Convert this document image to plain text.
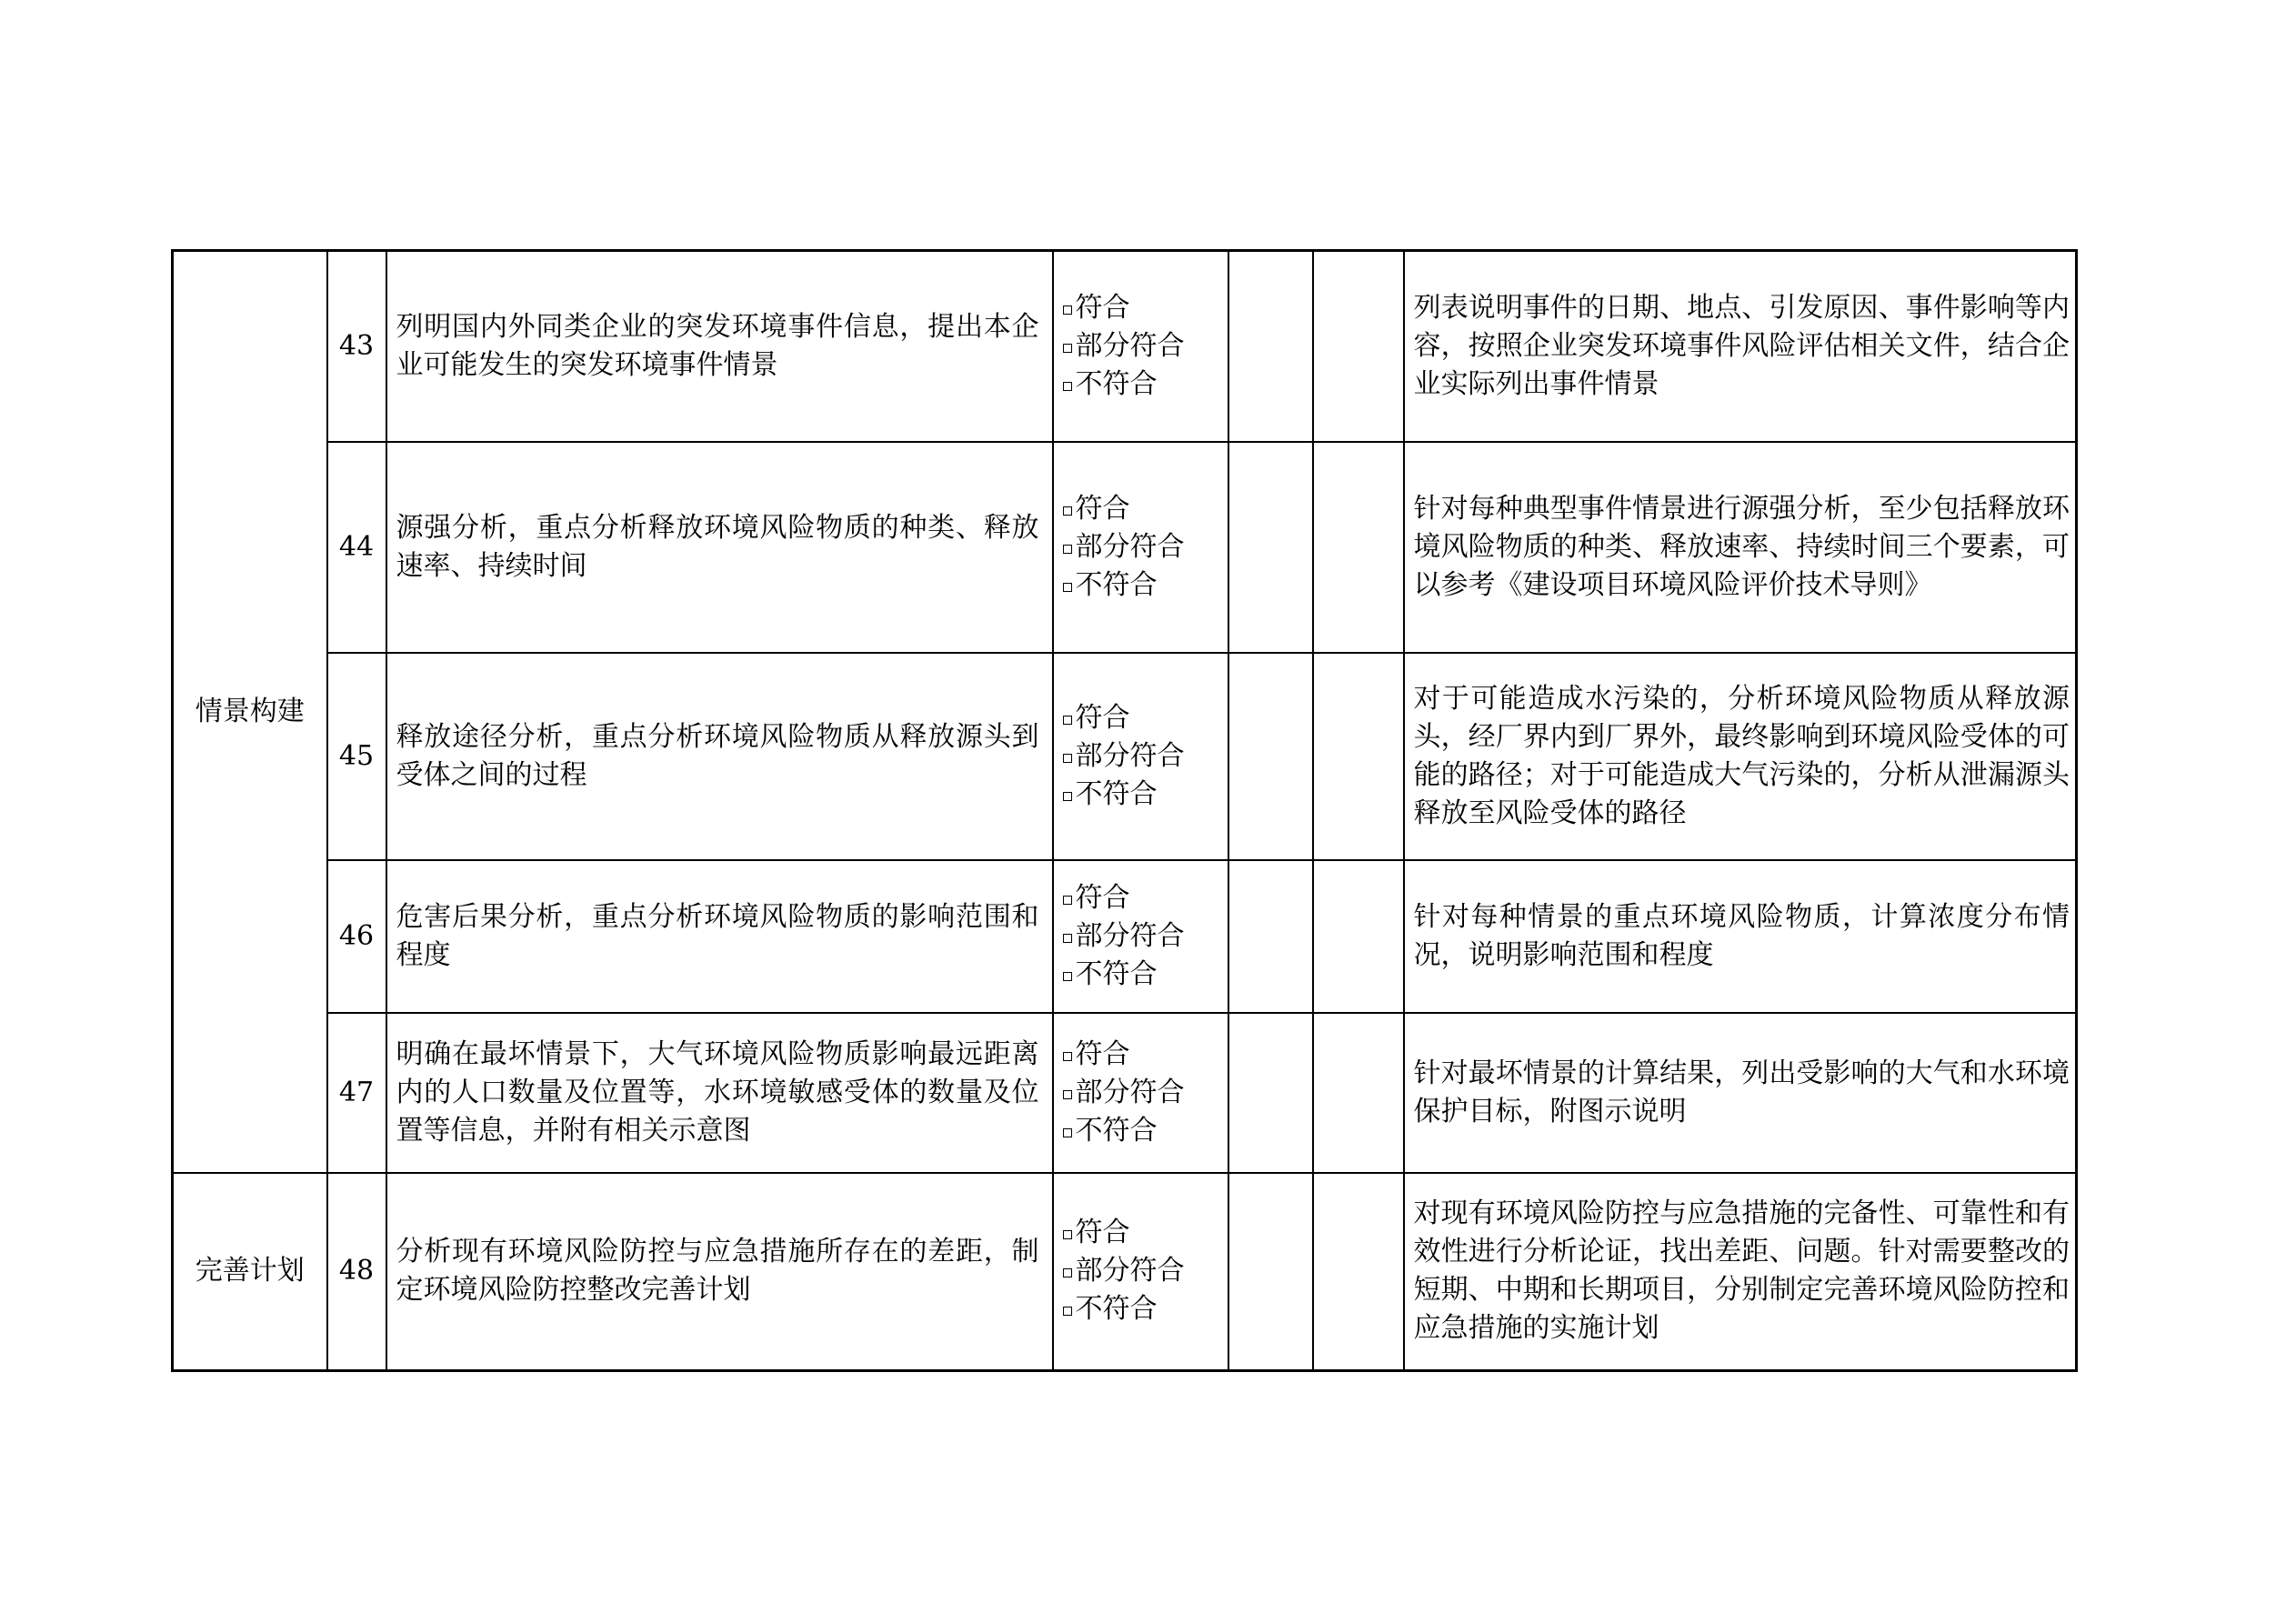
情景构建	43	列明国内外同类企业的突发环境事件信息，提出本企业可能发生的突发环境事件情景	符合
部分符合
不符合			列表说明事件的日期、地点、引发原因、事件影响等内容，按照企业突发环境事件风险评估相关文件，结合企业实际列出事件情景
	44	源强分析，重点分析释放环境风险物质的种类、释放速率、持续时间	符合
部分符合
不符合			针对每种典型事件情景进行源强分析，至少包括释放环境风险物质的种类、释放速率、持续时间三个要素，可以参考《建设项目环境风险评价技术导则》
	45	释放途径分析，重点分析环境风险物质从释放源头到受体之间的过程	符合
部分符合
不符合			对于可能造成水污染的，分析环境风险物质从释放源头，经厂界内到厂界外，最终影响到环境风险受体的可能的路径；对于可能造成大气污染的，分析从泄漏源头释放至风险受体的路径
	46	危害后果分析，重点分析环境风险物质的影响范围和程度	符合
部分符合
不符合			针对每种情景的重点环境风险物质，计算浓度分布情况，说明影响范围和程度
	47	明确在最坏情景下，大气环境风险物质影响最远距离内的人口数量及位置等，水环境敏感受体的数量及位置等信息，并附有相关示意图	符合
部分符合
不符合			针对最坏情景的计算结果，列出受影响的大气和水环境保护目标，附图示说明
完善计划	48	分析现有环境风险防控与应急措施所存在的差距，制定环境风险防控整改完善计划	符合
部分符合
不符合			对现有环境风险防控与应急措施的完备性、可靠性和有效性进行分析论证，找出差距、问题。针对需要整改的短期、中期和长期项目，分别制定完善环境风险防控和应急措施的实施计划
